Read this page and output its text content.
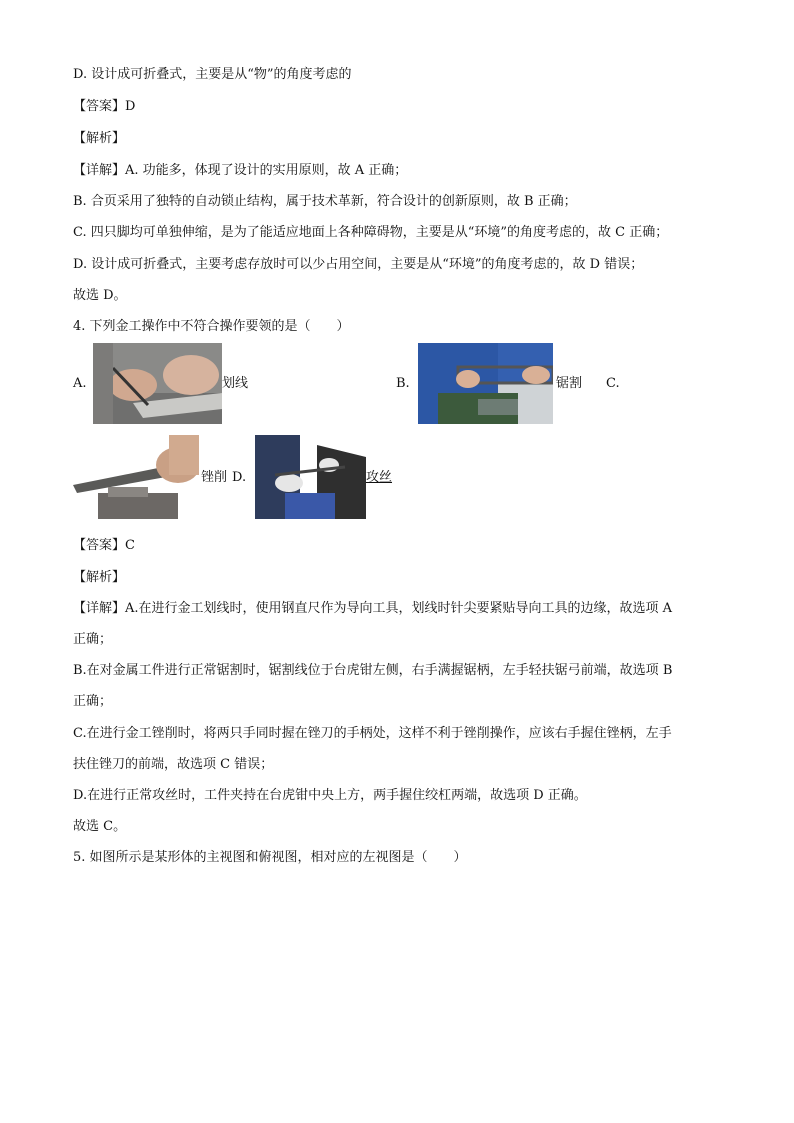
D. 设计成可折叠式，主要是从“物”的角度考虑的
【答案】D
【解析】
【详解】A. 功能多，体现了设计的实用原则，故 A 正确；
B. 合页采用了独特的自动锁止结构，属于技术革新，符合设计的创新原则，故 B 正确；
C. 四只脚均可单独伸缩，是为了能适应地面上各种障碍物，主要是从“环境”的角度考虑的，故 C 正确；
D. 设计成可折叠式，主要考虑存放时可以少占用空间，主要是从“环境”的角度考虑的，故 D 错误；
故选 D。
4. 下列金工操作中不符合操作要领的是（　　）
A.	划线	B.	锯割 C.
锉削 D.	攻丝
【答案】C
【解析】
【详解】A.在进行金工划线时，使用钢直尺作为导向工具，划线时针尖要紧贴导向工具的边缘，故选项 A
正确；
B.在对金属工件进行正常锯割时，锯割线位于台虎钳左侧，右手满握锯柄，左手轻扶锯弓前端，故选项 B
正确；
C.在进行金工锉削时，将两只手同时握在锉刀的手柄处，这样不利于锉削操作，应该右手握住锉柄，左手
扶住锉刀的前端，故选项 C 错误；
D.在进行正常攻丝时，工件夹持在台虎钳中央上方，两手握住绞杠两端，故选项 D 正确。
故选 C。
5. 如图所示是某形体的主视图和俯视图，相对应的左视图是（　　）
